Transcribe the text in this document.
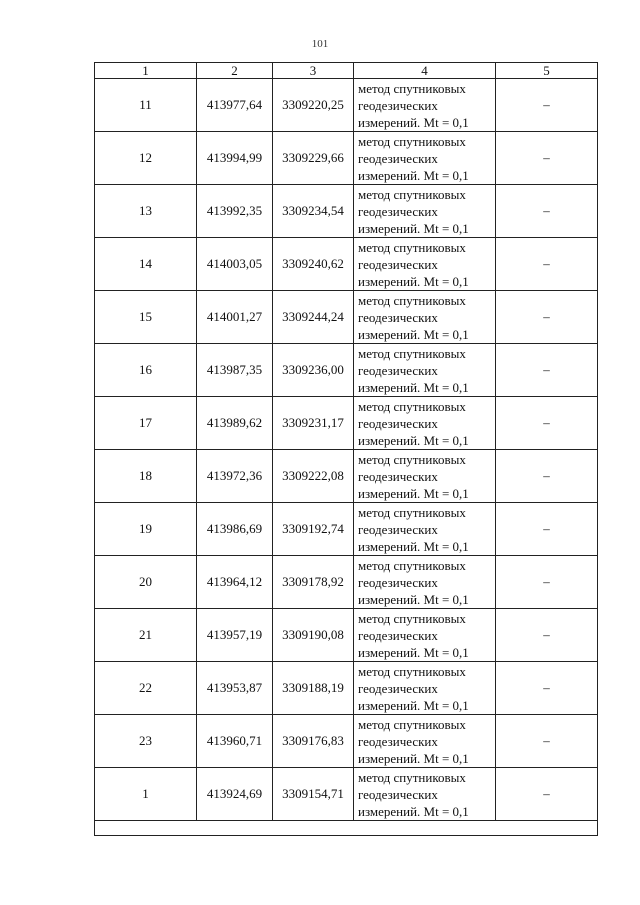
101
1	2	3	4	5
11	413977,64	3309220,25	метод спутниковых
геодезических
измерений. Mt = 0,1	–
12	413994,99	3309229,66	метод спутниковых
геодезических
измерений. Mt = 0,1	–
13	413992,35	3309234,54	метод спутниковых
геодезических
измерений. Mt = 0,1	–
14	414003,05	3309240,62	метод спутниковых
геодезических
измерений. Mt = 0,1	–
15	414001,27	3309244,24	метод спутниковых
геодезических
измерений. Mt = 0,1	–
16	413987,35	3309236,00	метод спутниковых
геодезических
измерений. Mt = 0,1	–
17	413989,62	3309231,17	метод спутниковых
геодезических
измерений. Mt = 0,1	–
18	413972,36	3309222,08	метод спутниковых
геодезических
измерений. Mt = 0,1	–
19	413986,69	3309192,74	метод спутниковых
геодезических
измерений. Mt = 0,1	–
20	413964,12	3309178,92	метод спутниковых
геодезических
измерений. Mt = 0,1	–
21	413957,19	3309190,08	метод спутниковых
геодезических
измерений. Mt = 0,1	–
22	413953,87	3309188,19	метод спутниковых
геодезических
измерений. Mt = 0,1	–
23	413960,71	3309176,83	метод спутниковых
геодезических
измерений. Mt = 0,1	–
1	413924,69	3309154,71	метод спутниковых
геодезических
измерений. Mt = 0,1	–
